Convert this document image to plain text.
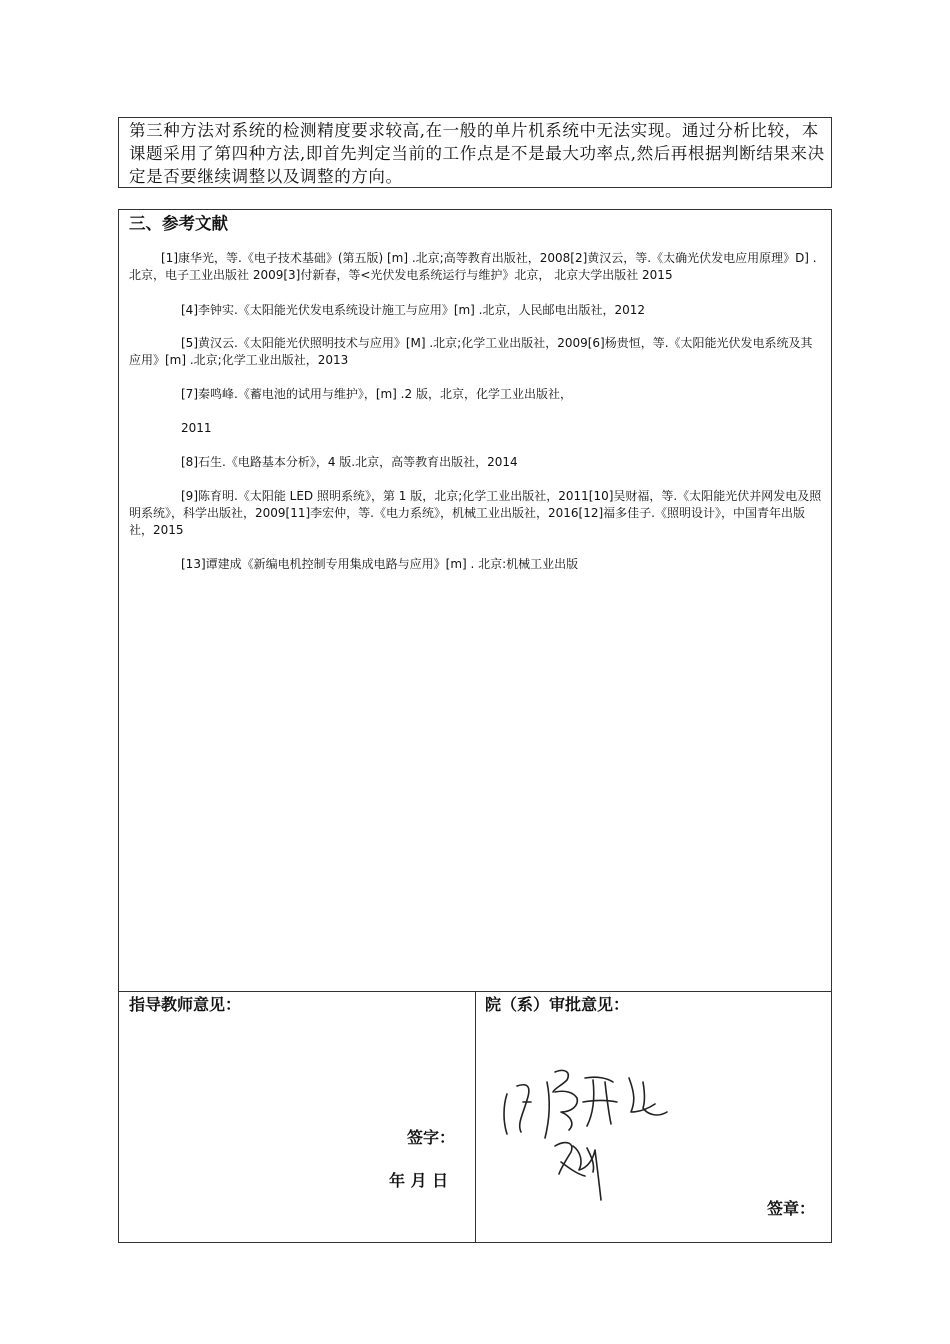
第三种方法对系统的检测精度要求较高,在一般的单片机系统中无法实现。通过分析比较，本课题采用了第四种方法,即首先判定当前的工作点是不是最大功率点,然后再根据判断结果来决定是否要继续调整以及调整的方向。
三、参考文献
[1]康华光，等.《电子技术基础》(第五版) [m] .北京;高等教育出版社，2008[2]黄汉云，等.《太确光伏发电应用原理》D] .北京，电子工业出版社 2009[3]付新春，等<光伏发电系统运行与维护》北京， 北京大学出版社 2015
[4]李钟实.《太阳能光伏发电系统设计施工与应用》[m] .北京，人民邮电出版社，2012
[5]黄汉云.《太阳能光伏照明技术与应用》[M] .北京;化学工业出版社，2009[6]杨贵恒，等.《太阳能光伏发电系统及其应用》[m] .北京;化学工业出版社，2013
[7]秦鸣峰.《蓄电池的试用与维护》，[m] .2 版，北京，化学工业出版社，
2011
[8]石生.《电路基本分析》，4 版.北京，高等教育出版社，2014
[9]陈育明.《太阳能 LED 照明系统》，第 1 版，北京;化学工业出版社，2011[10]吴财福，等.《太阳能光伏并网发电及照明系统》，科学出版社，2009[11]李宏仲，等.《电力系统》，机械工业出版社，2016[12]福多佳子.《照明设计》，中国青年出版社，2015
[13]谭建成《新编电机控制专用集成电路与应用》[m] . 北京:机械工业出版
指导教师意见：
签字：
年 月 日
院（系）审批意见：
签章：
